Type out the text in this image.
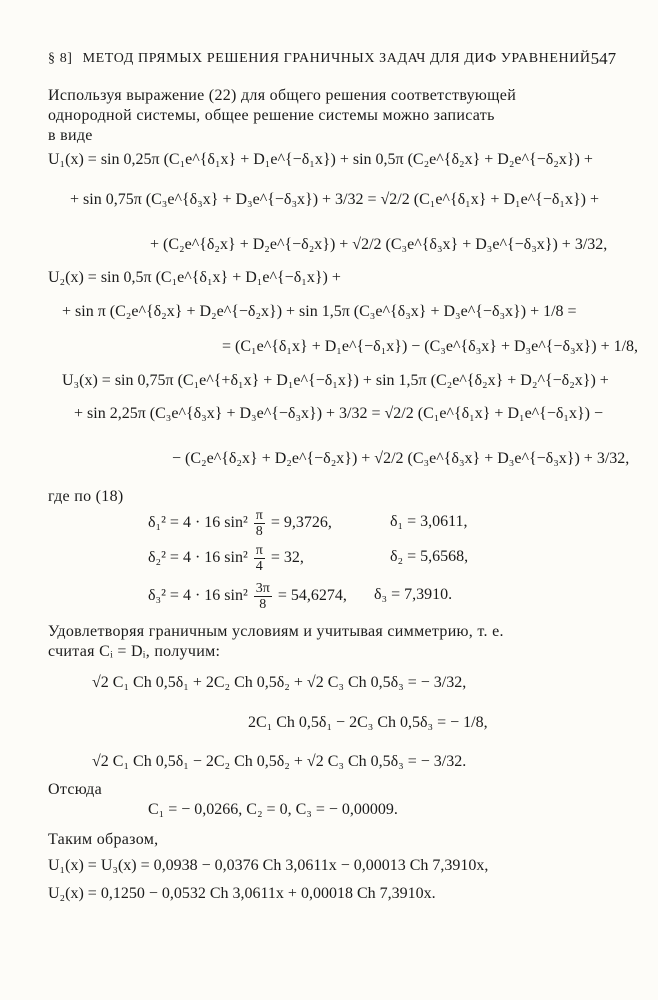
§ 8] МЕТОД ПРЯМЫХ РЕШЕНИЯ ГРАНИЧНЫХ ЗАДАЧ ДЛЯ ДИФ УРАВНЕНИЙ 547
Используя выражение (22) для общего решения соответствующей
однородной системы, общее решение системы можно записать
в виде
U₁(x) = sin 0,25π (C₁e^{δ₁x} + D₁e^{−δ₁x}) + sin 0,5π (C₂e^{δ₂x} + D₂e^{−δ₂x}) +
+ sin 0,75π (C₃e^{δ₃x} + D₃e^{−δ₃x}) + 3/32 = √2/2 (C₁e^{δ₁x} + D₁e^{−δ₁x}) +
+ (C₂e^{δ₂x} + D₂e^{−δ₂x}) + √2/2 (C₃e^{δ₃x} + D₃e^{−δ₃x}) + 3/32,
U₂(x) = sin 0,5π (C₁e^{δ₁x} + D₁e^{−δ₁x}) +
+ sin π (C₂e^{δ₂x} + D₂e^{−δ₂x}) + sin 1,5π (C₃e^{δ₃x} + D₃e^{−δ₃x}) + 1/8 =
= (C₁e^{δ₁x} + D₁e^{−δ₁x}) − (C₃e^{δ₃x} + D₃e^{−δ₃x}) + 1/8,
U₃(x) = sin 0,75π (C₁e^{+δ₁x} + D₁e^{−δ₁x}) + sin 1,5π (C₂e^{δ₂x} + D₂^{−δ₂x}) +
+ sin 2,25π (C₃e^{δ₃x} + D₃e^{−δ₃x}) + 3/32 = √2/2 (C₁e^{δ₁x} + D₁e^{−δ₁x}) −
− (C₂e^{δ₂x} + D₂e^{−δ₂x}) + √2/2 (C₃e^{δ₃x} + D₃e^{−δ₃x}) + 3/32,
где по (18)
δ₁² = 4 · 16 $\sin^2 \frac{\pi}{8} = 9,3726$,	δ₁ = 3,0611,
δ₂² = 4 · 16 $\sin^2 \frac{\pi}{4} = 32$,	δ₂ = 5,6568,
δ₃² = 4 · 16 $\sin^2 \frac{3\pi}{8} = 54,6274$, δ₃ = 7,3910.
Удовлетворяя граничным условиям и учитывая симметрию, т. е.
считая Cᵢ = Dᵢ, получим:
√2 C₁ Ch 0,5δ₁ + 2C₂ Ch 0,5δ₂ + √2 C₃ Ch 0,5δ₃ = − 3/32,
2C₁ Ch 0,5δ₁ − 2C₃ Ch 0,5δ₃ = − 1/8,
√2 C₁ Ch 0,5δ₁ − 2C₂ Ch 0,5δ₂ + √2 C₃ Ch 0,5δ₃ = − 3/32.
Отсюда
C₁ = − 0,0266, C₂ = 0, C₃ = − 0,00009.
Таким образом,
U₁(x) = U₃(x) = 0,0938 − 0,0376 Ch 3,0611x − 0,00013 Ch 7,3910x,
U₂(x) = 0,1250 − 0,0532 Ch 3,0611x + 0,00018 Ch 7,3910x.
